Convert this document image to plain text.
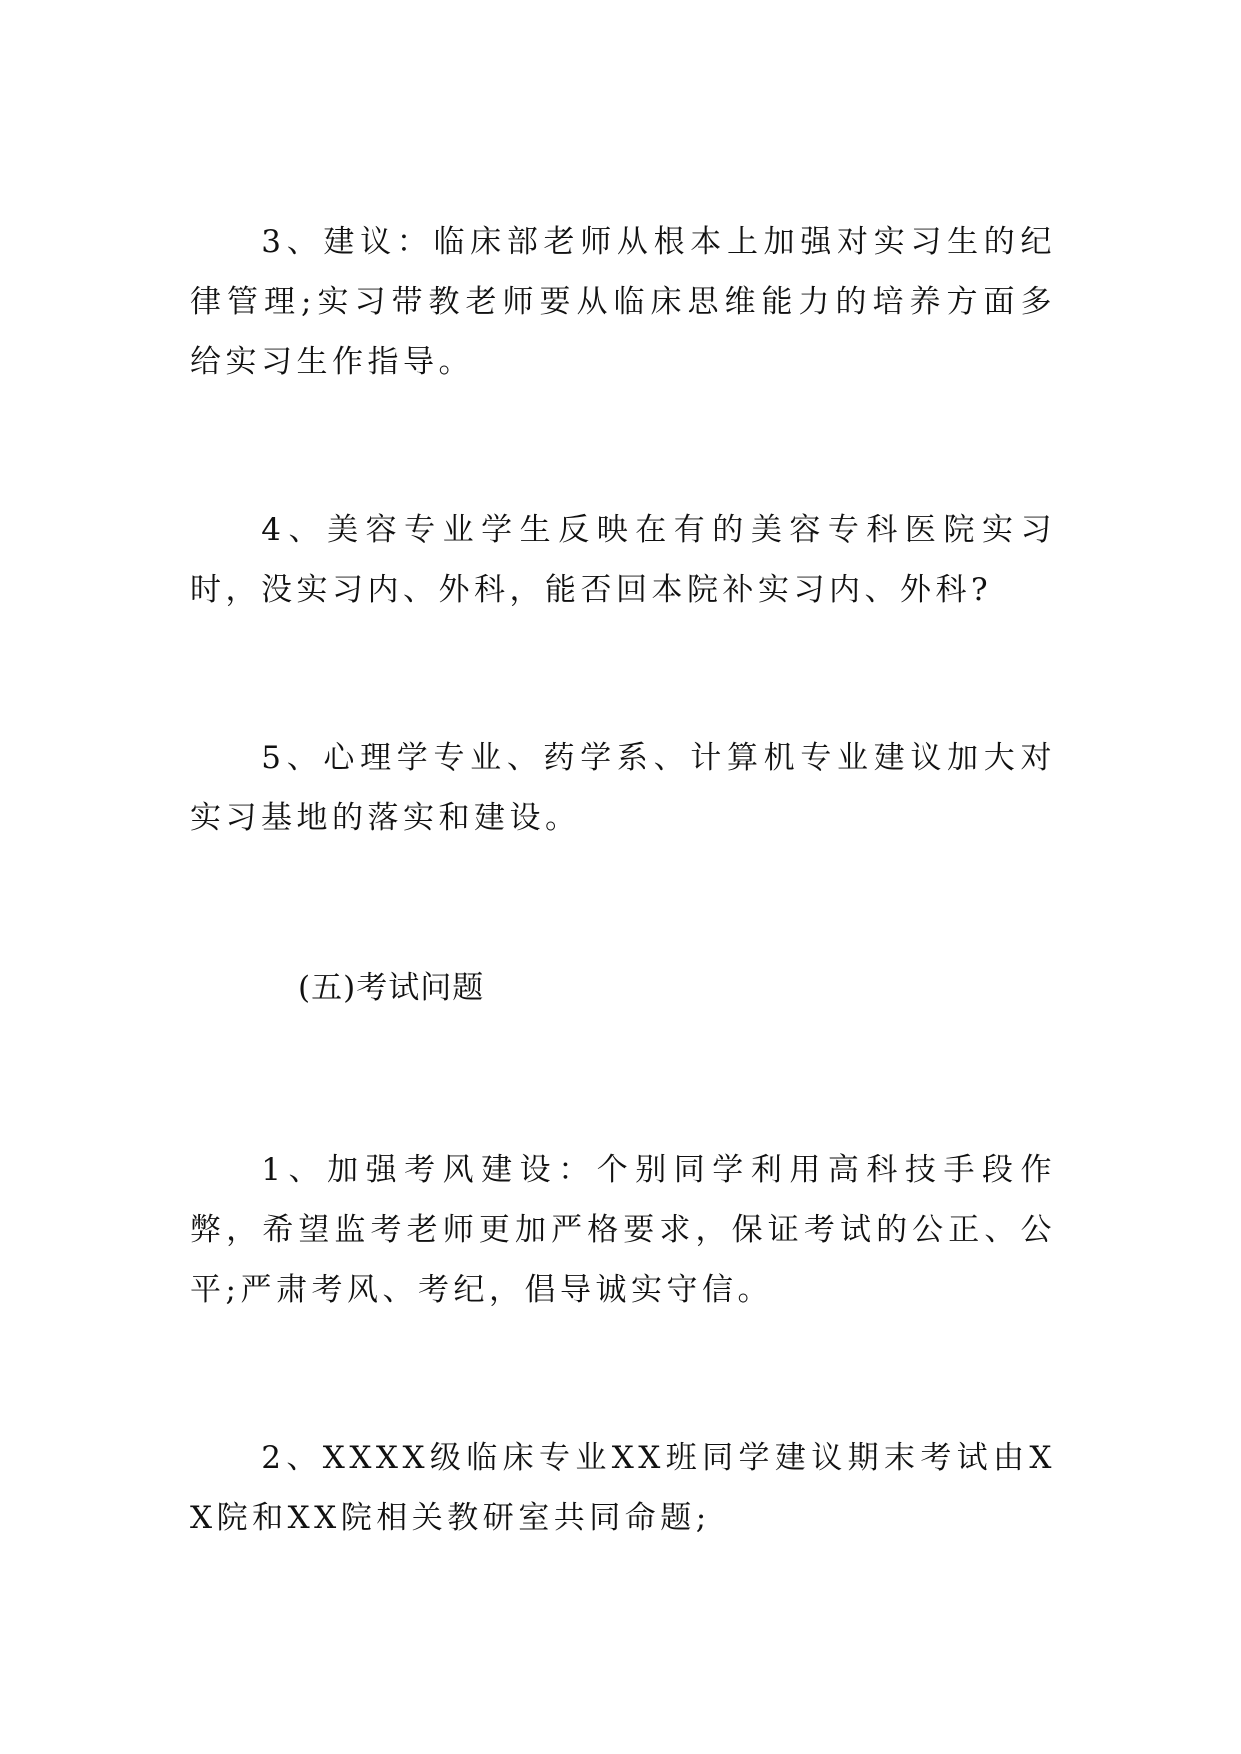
3、建议：临床部老师从根本上加强对实习生的纪律管理;实习带教老师要从临床思维能力的培养方面多给实习生作指导。

4、美容专业学生反映在有的美容专科医院实习时，没实习内、外科，能否回本院补实习内、外科?

5、心理学专业、药学系、计算机专业建议加大对实习基地的落实和建设。

(五)考试问题

1、加强考风建设：个别同学利用高科技手段作弊，希望监考老师更加严格要求，保证考试的公正、公平;严肃考风、考纪，倡导诚实守信。

2、XXXX级临床专业XX班同学建议期末考试由XX院和XX院相关教研室共同命题;
